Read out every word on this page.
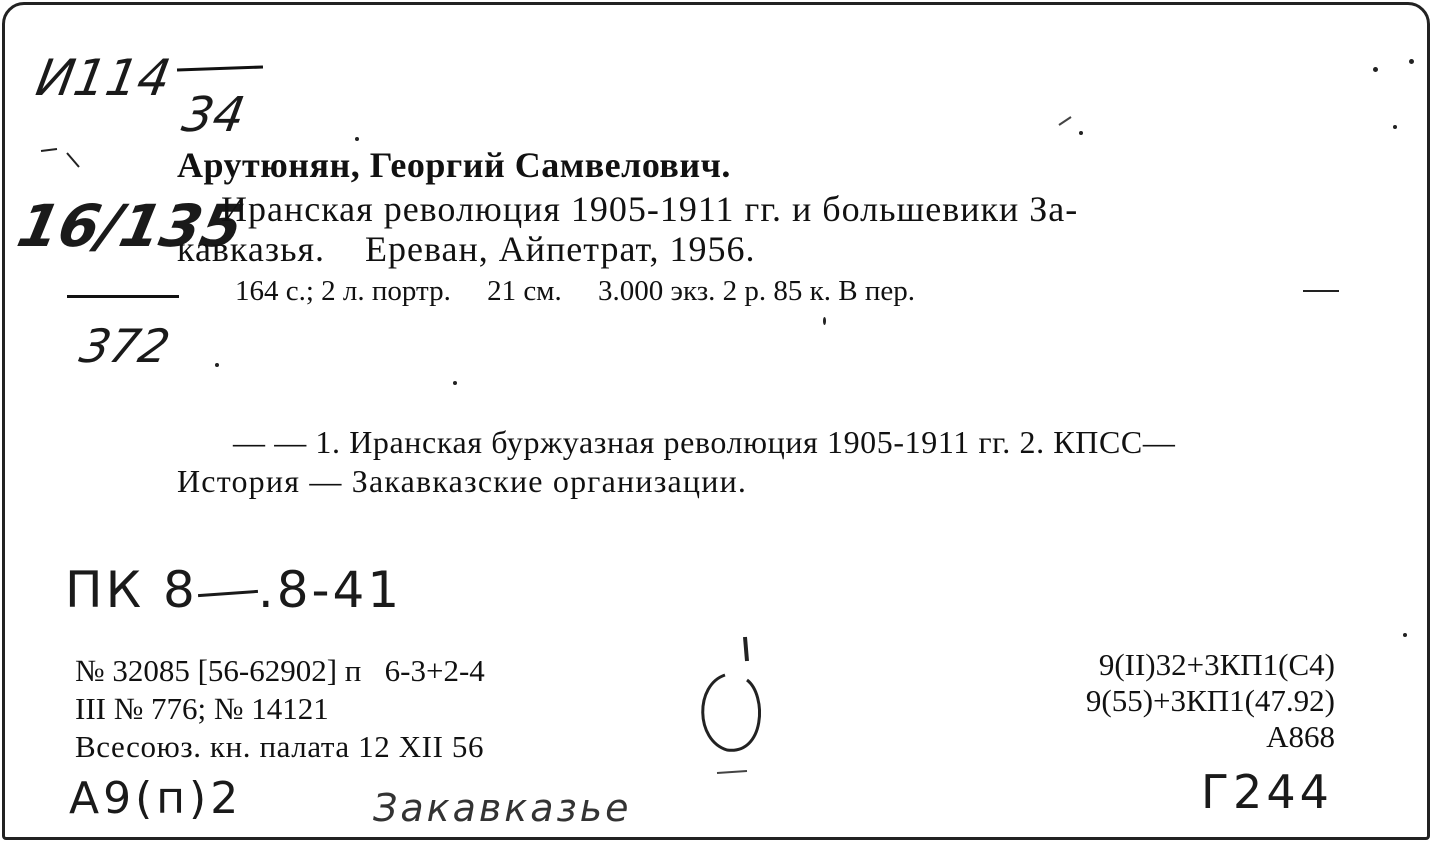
И114
34
16/135
372
Арутюнян, Георгий Самвелович.
Иранская революция 1905-1911 гг. и большевики За-
кавказья.    Ереван, Айпетрат, 1956.
164 с.; 2 л. портр.     21 см.     3.000 экз. 2 р. 85 к. В пер.
— — 1. Иранская буржуазная революция 1905-1911 гг. 2. КПСС—
История — Закавказские организации.
ПК 8 .8-41
№ 32085 [56-62902] п   6-3+2-4
III № 776; № 14121
Всесоюз. кн. палата 12 XII 56
9(II)32+3КП1(С4)
9(55)+3КП1(47.92)
А868
А9(п)2	Закавказье	Г244
